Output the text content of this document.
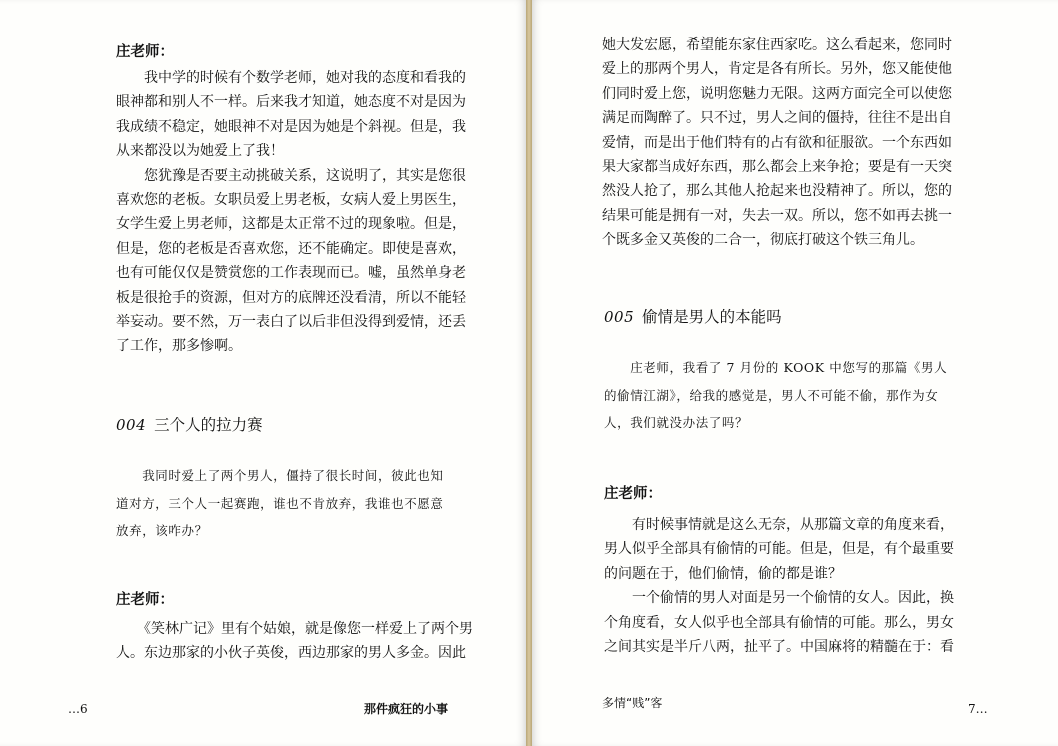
庄老师：
　　我中学的时候有个数学老师，她对我的态度和看我的
眼神都和别人不一样。后来我才知道，她态度不对是因为
我成绩不稳定，她眼神不对是因为她是个斜视。但是，我
从来都没以为她爱上了我！
　　您犹豫是否要主动挑破关系，这说明了，其实是您很
喜欢您的老板。女职员爱上男老板，女病人爱上男医生，
女学生爱上男老师，这都是太正常不过的现象啦。但是，
但是，您的老板是否喜欢您，还不能确定。即使是喜欢，
也有可能仅仅是赞赏您的工作表现而已。嘘，虽然单身老
板是很抢手的资源，但对方的底牌还没看清，所以不能轻
举妄动。要不然，万一表白了以后非但没得到爱情，还丢
了工作，那多惨啊。
004 三个人的拉力赛
　　我同时爱上了两个男人，僵持了很长时间，彼此也知
道对方，三个人一起赛跑，谁也不肯放弃，我谁也不愿意
放弃，该咋办？
庄老师：
　　《笑林广记》里有个姑娘，就是像您一样爱上了两个男
人。东边那家的小伙子英俊，西边那家的男人多金。因此
…6	那件疯狂的小事
她大发宏愿，希望能东家住西家吃。这么看起来，您同时
爱上的那两个男人，肯定是各有所长。另外，您又能使他
们同时爱上您，说明您魅力无限。这两方面完全可以使您
满足而陶醉了。只不过，男人之间的僵持，往往不是出自
爱情，而是出于他们特有的占有欲和征服欲。一个东西如
果大家都当成好东西，那么都会上来争抢；要是有一天突
然没人抢了，那么其他人抢起来也没精神了。所以，您的
结果可能是拥有一对，失去一双。所以，您不如再去挑一
个既多金又英俊的二合一，彻底打破这个铁三角儿。
005 偷情是男人的本能吗
　　庄老师，我看了 7 月份的 KOOK 中您写的那篇《男人
的偷情江湖》，给我的感觉是，男人不可能不偷，那作为女
人，我们就没办法了吗？
庄老师：
　　有时候事情就是这么无奈，从那篇文章的角度来看，
男人似乎全部具有偷情的可能。但是，但是，有个最重要
的问题在于，他们偷情，偷的都是谁？
　　一个偷情的男人对面是另一个偷情的女人。因此，换
个角度看，女人似乎也全部具有偷情的可能。那么，男女
之间其实是半斤八两，扯平了。中国麻将的精髓在于：看
多情“贱”客	7…
